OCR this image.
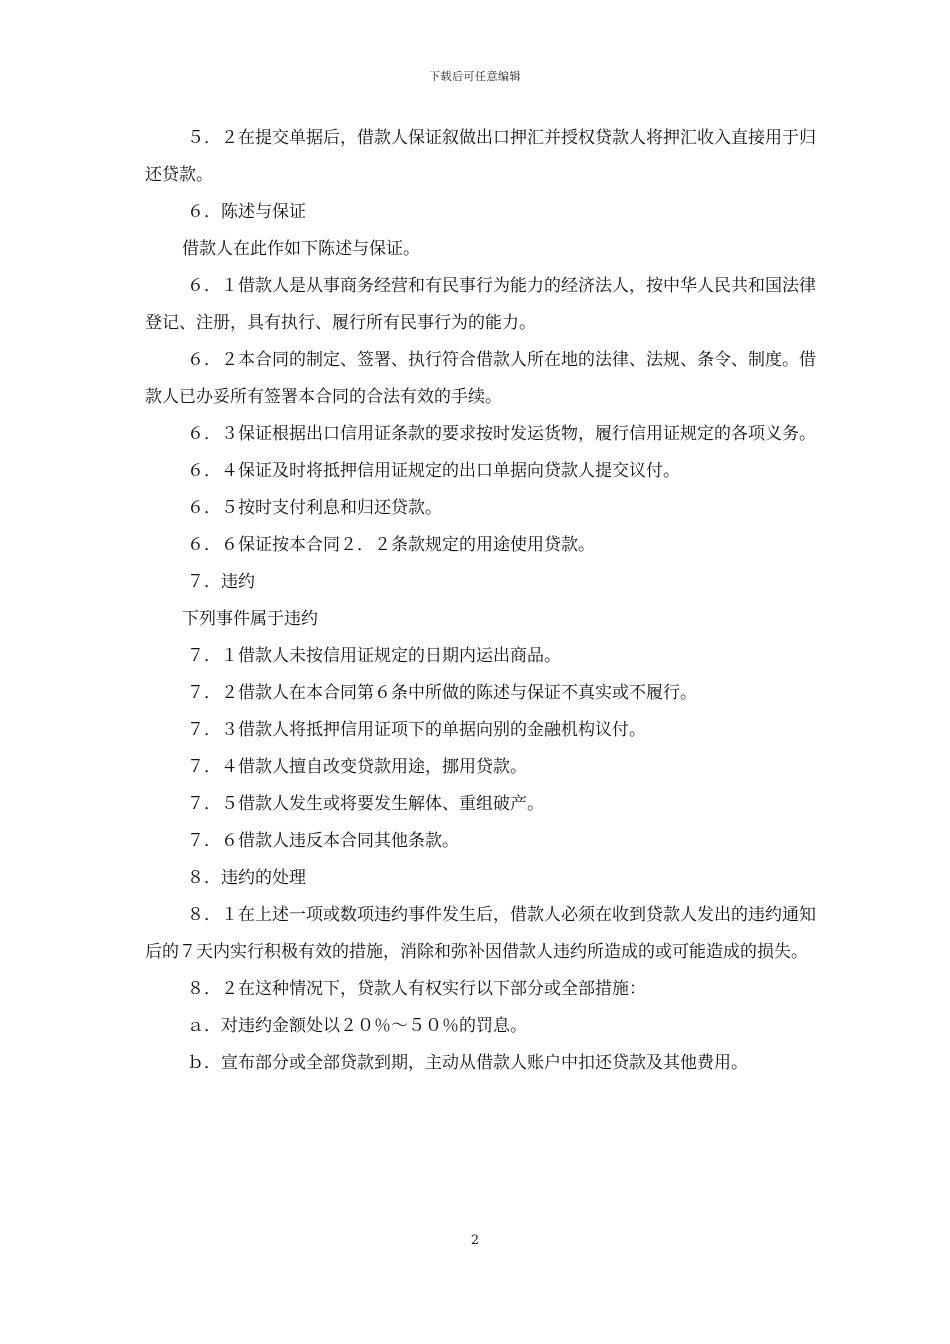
下载后可任意编辑

５．２在提交单据后，借款人保证叙做出口押汇并授权贷款人将押汇收入直接用于归还贷款。

６．陈述与保证

借款人在此作如下陈述与保证。

６．１借款人是从事商务经营和有民事行为能力的经济法人，按中华人民共和国法律登记、注册，具有执行、履行所有民事行为的能力。

６．２本合同的制定、签署、执行符合借款人所在地的法律、法规、条令、制度。借款人已办妥所有签署本合同的合法有效的手续。

６．３保证根据出口信用证条款的要求按时发运货物，履行信用证规定的各项义务。

６．４保证及时将抵押信用证规定的出口单据向贷款人提交议付。

６．５按时支付利息和归还贷款。

６．６保证按本合同２．２条款规定的用途使用贷款。

７．违约

下列事件属于违约

７．１借款人未按信用证规定的日期内运出商品。

７．２借款人在本合同第６条中所做的陈述与保证不真实或不履行。

７．３借款人将抵押信用证项下的单据向别的金融机构议付。

７．４借款人擅自改变贷款用途，挪用贷款。

７．５借款人发生或将要发生解体、重组破产。

７．６借款人违反本合同其他条款。

８．违约的处理

８．１在上述一项或数项违约事件发生后，借款人必须在收到贷款人发出的违约通知后的７天内实行积极有效的措施，消除和弥补因借款人违约所造成的或可能造成的损失。

８．２在这种情况下，贷款人有权实行以下部分或全部措施：

ａ．对违约金额处以２０％～５０％的罚息。

ｂ．宣布部分或全部贷款到期，主动从借款人账户中扣还贷款及其他费用。

2
